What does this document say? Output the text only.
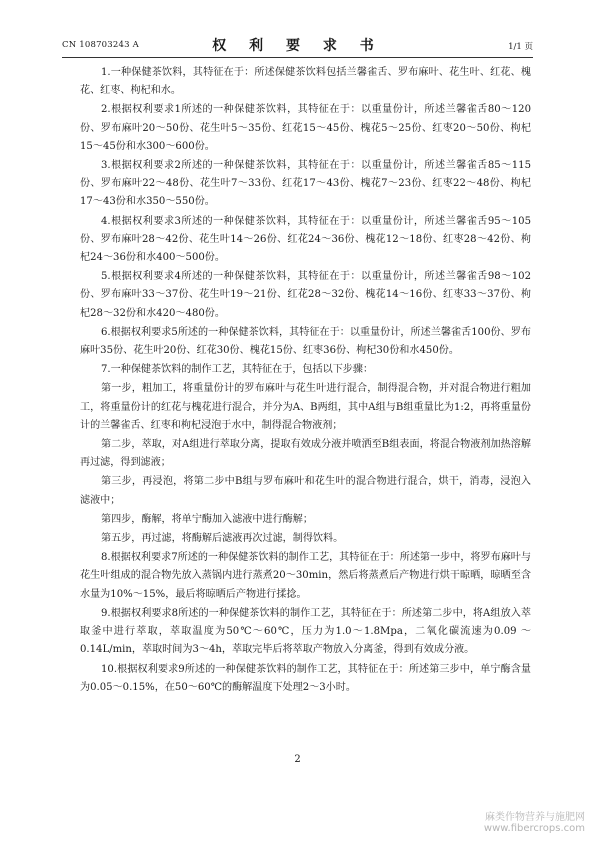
CN 108703243 A	权 利 要 求 书	1/1 页

1.一种保健茶饮料，其特征在于：所述保健茶饮料包括兰馨雀舌、罗布麻叶、花生叶、红花、槐花、红枣、枸杞和水。

2.根据权利要求1所述的一种保健茶饮料，其特征在于：以重量份计，所述兰馨雀舌80～120份、罗布麻叶20～50份、花生叶5～35份、红花15～45份、槐花5～25份、红枣20～50份、枸杞15～45份和水300～600份。

3.根据权利要求2所述的一种保健茶饮料，其特征在于：以重量份计，所述兰馨雀舌85～115份、罗布麻叶22～48份、花生叶7～33份、红花17～43份、槐花7～23份、红枣22～48份、枸杞17～43份和水350～550份。

4.根据权利要求3所述的一种保健茶饮料，其特征在于：以重量份计，所述兰馨雀舌95～105份、罗布麻叶28～42份、花生叶14～26份、红花24～36份、槐花12～18份、红枣28～42份、枸杞24～36份和水400～500份。

5.根据权利要求4所述的一种保健茶饮料，其特征在于：以重量份计，所述兰馨雀舌98～102份、罗布麻叶33～37份、花生叶19～21份、红花28～32份、槐花14～16份、红枣33～37份、枸杞28～32份和水420～480份。

6.根据权利要求5所述的一种保健茶饮料，其特征在于：以重量份计，所述兰馨雀舌100份、罗布麻叶35份、花生叶20份、红花30份、槐花15份、红枣36份、枸杞30份和水450份。

7.一种保健茶饮料的制作工艺，其特征在于，包括以下步骤：

第一步，粗加工，将重量份计的罗布麻叶与花生叶进行混合，制得混合物，并对混合物进行粗加工，将重量份计的红花与槐花进行混合，并分为A、B两组，其中A组与B组重量比为1:2，再将重量份计的兰馨雀舌、红枣和枸杞浸泡于水中，制得混合物液剂；

第二步，萃取，对A组进行萃取分离，提取有效成分液并喷洒至B组表面，将混合物液剂加热溶解再过滤，得到滤液；

第三步，再浸泡，将第二步中B组与罗布麻叶和花生叶的混合物进行混合，烘干，消毒，浸泡入滤液中；

第四步，酶解，将单宁酶加入滤液中进行酶解；

第五步，再过滤，将酶解后滤液再次过滤，制得饮料。

8.根据权利要求7所述的一种保健茶饮料的制作工艺，其特征在于：所述第一步中，将罗布麻叶与花生叶组成的混合物先放入蒸锅内进行蒸煮20～30min，然后将蒸煮后产物进行烘干晾晒，晾晒至含水量为10%～15%，最后将晾晒后产物进行揉捻。

9.根据权利要求8所述的一种保健茶饮料的制作工艺，其特征在于：所述第二步中，将A组放入萃取釜中进行萃取，萃取温度为50℃～60℃，压力为1.0～1.8Mpa，二氧化碳流速为0.09 ～0.14L/min，萃取时间为3～4h，萃取完毕后将萃取产物放入分离釜，得到有效成分液。

10.根据权利要求9所述的一种保健茶饮料的制作工艺，其特征在于：所述第三步中，单宁酶含量为0.05～0.15%，在50～60℃的酶解温度下处理2～3小时。

2
麻类作物营养与施肥网
www.fibercrops.com
